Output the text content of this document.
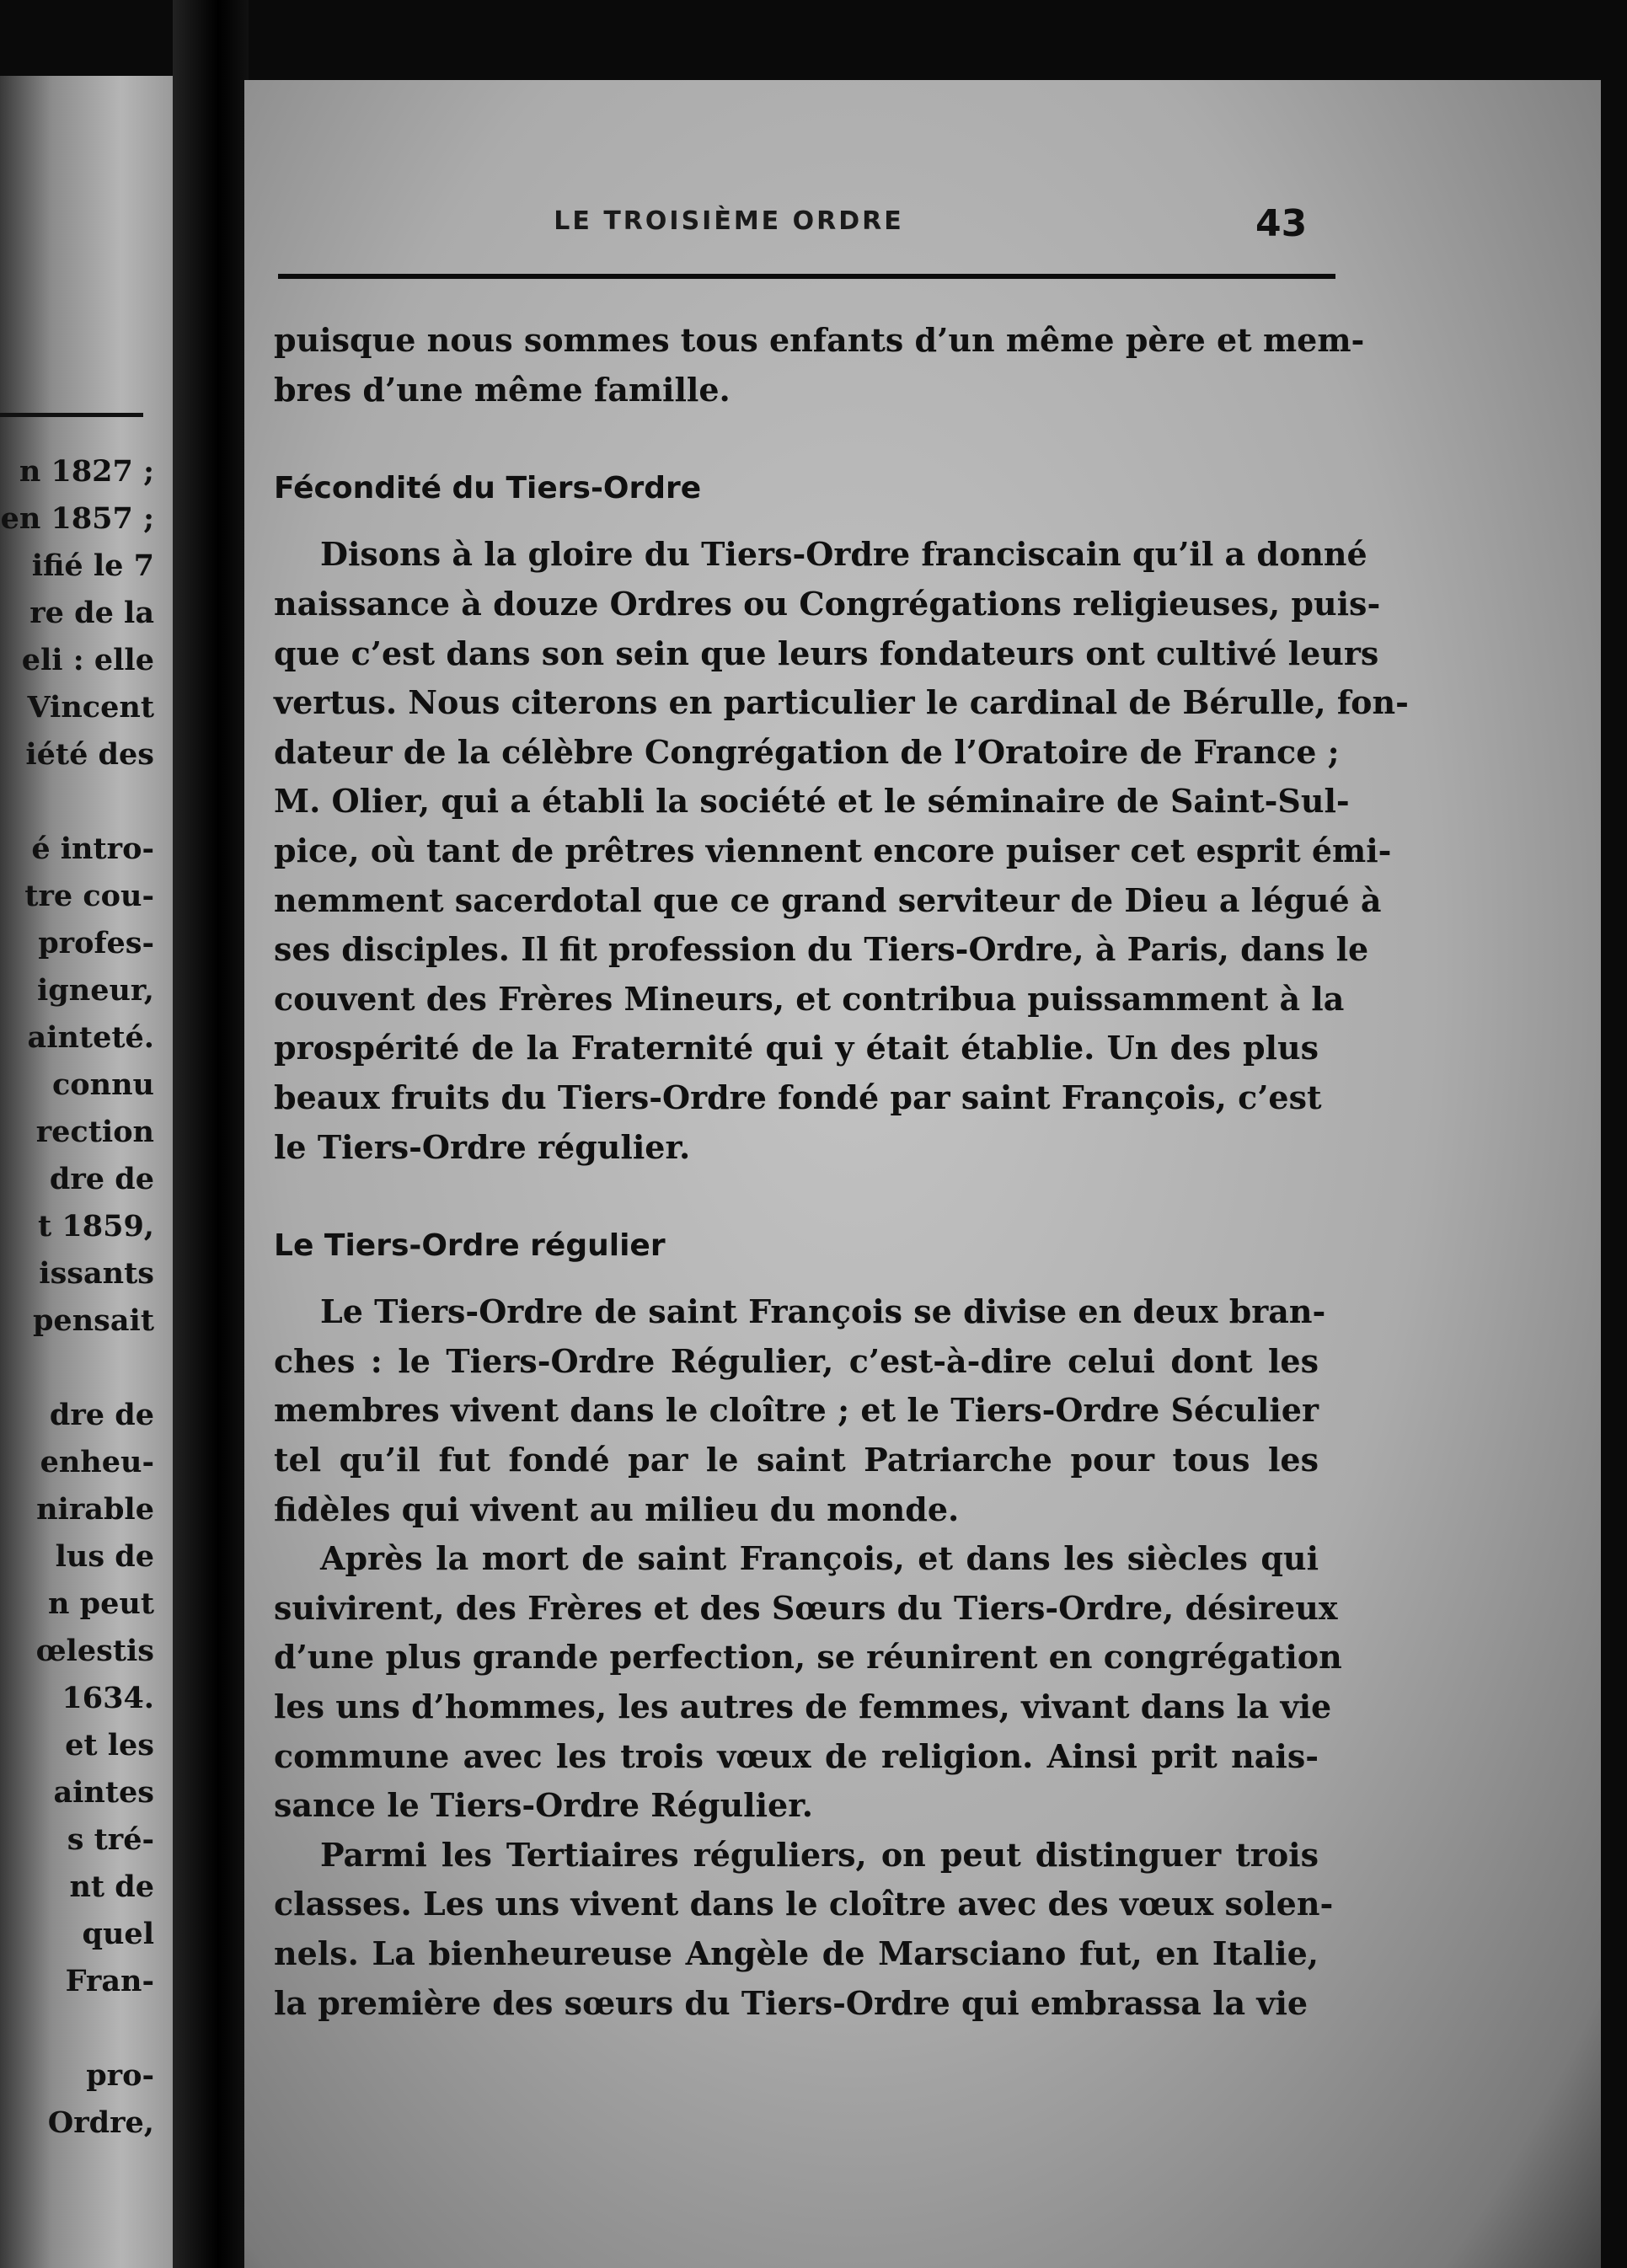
n 1827 ;
en 1857 ;
ifié le 7
re de la
eli : elle
Vincent
iété des
é intro-
tre cou-
profes-
igneur,
ainteté.
connu
rection
dre de
t 1859,
issants
pensait
dre de
enheu-
nirable
lus de
n peut
œlestis
1634.
et les
aintes
s tré-
nt de
quel
Fran-
pro-
Ordre,
LE TROISIÈME ORDRE	43
puisque nous sommes tous enfants d’un même père et mem-
bres d’une même famille.
Fécondité du Tiers-Ordre
Disons à la gloire du Tiers-Ordre franciscain qu’il a donné
naissance à douze Ordres ou Congrégations religieuses, puis-
que c’est dans son sein que leurs fondateurs ont cultivé leurs
vertus. Nous citerons en particulier le cardinal de Bérulle, fon-
dateur de la célèbre Congrégation de l’Oratoire de France ;
M. Olier, qui a établi la société et le séminaire de Saint-Sul-
pice, où tant de prêtres viennent encore puiser cet esprit émi-
nemment sacerdotal que ce grand serviteur de Dieu a légué à
ses disciples. Il fit profession du Tiers-Ordre, à Paris, dans le
couvent des Frères Mineurs, et contribua puissamment à la
prospérité de la Fraternité qui y était établie. Un des plus
beaux fruits du Tiers-Ordre fondé par saint François, c’est
le Tiers-Ordre régulier.
Le Tiers-Ordre régulier
Le Tiers-Ordre de saint François se divise en deux bran-
ches : le Tiers-Ordre Régulier, c’est-à-dire celui dont les
membres vivent dans le cloître ; et le Tiers-Ordre Séculier
tel qu’il fut fondé par le saint Patriarche pour tous les
fidèles qui vivent au milieu du monde.
Après la mort de saint François, et dans les siècles qui
suivirent, des Frères et des Sœurs du Tiers-Ordre, désireux
d’une plus grande perfection, se réunirent en congrégation
les uns d’hommes, les autres de femmes, vivant dans la vie
commune avec les trois vœux de religion. Ainsi prit nais-
sance le Tiers-Ordre Régulier.
Parmi les Tertiaires réguliers, on peut distinguer trois
classes. Les uns vivent dans le cloître avec des vœux solen-
nels. La bienheureuse Angèle de Marsciano fut, en Italie,
la première des sœurs du Tiers-Ordre qui embrassa la vie
